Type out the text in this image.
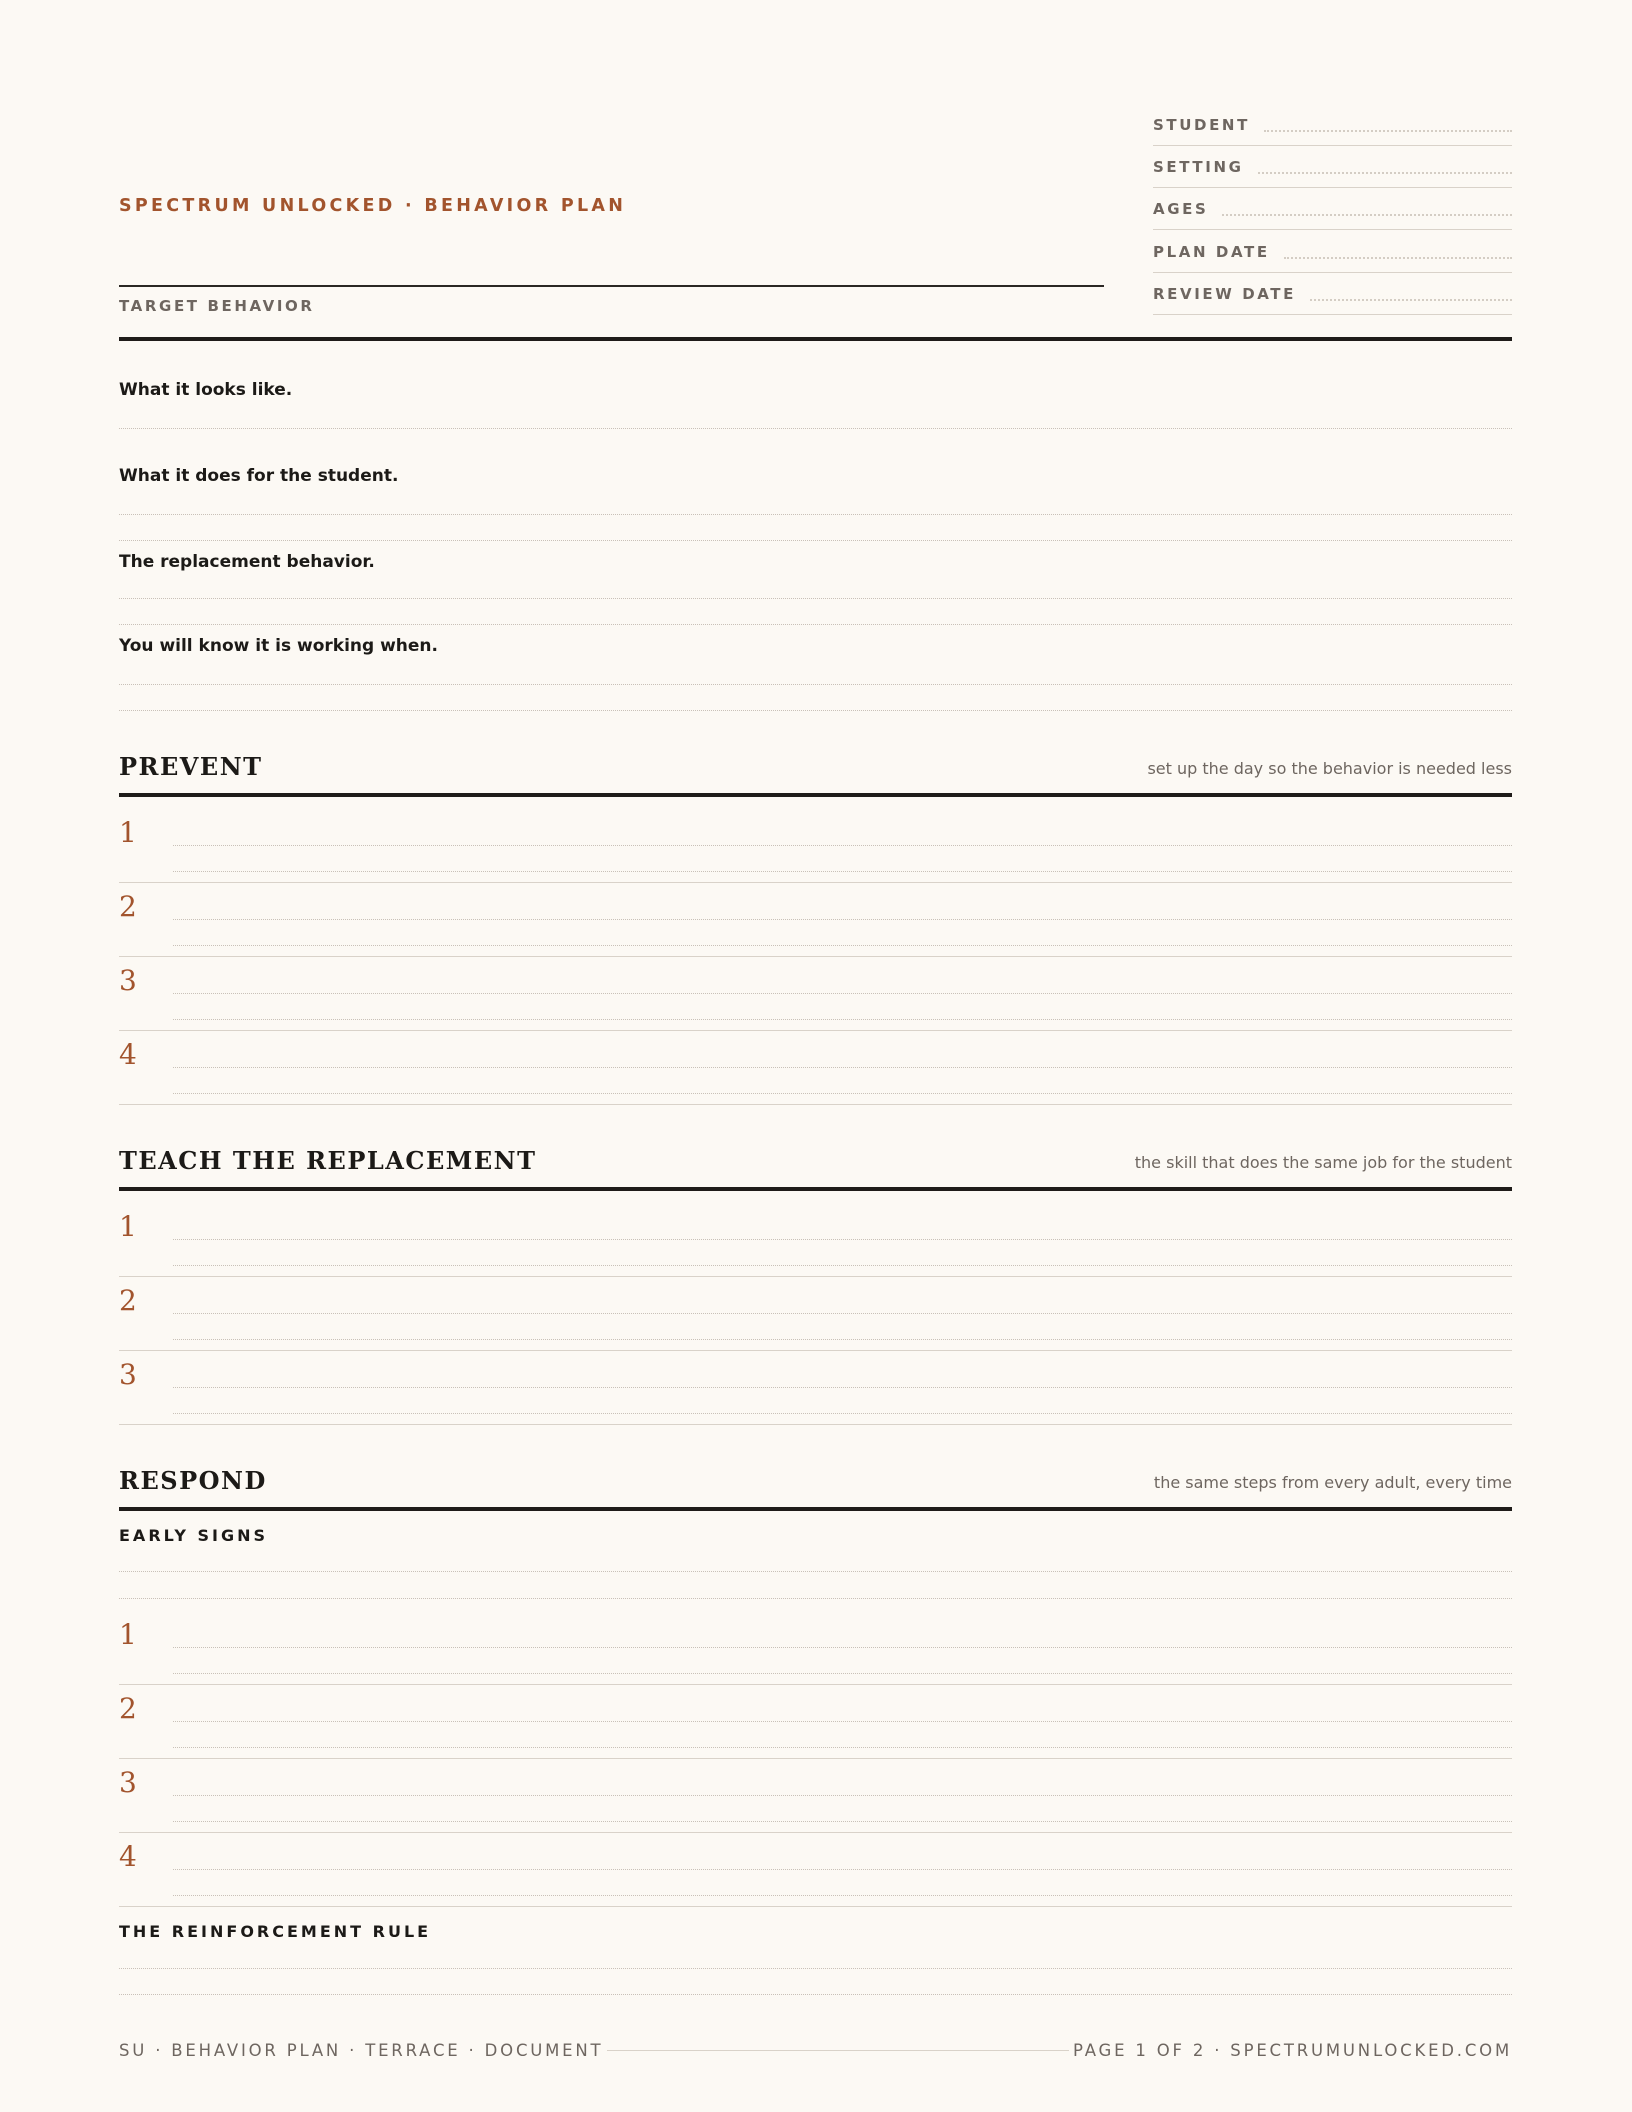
SPECTRUM UNLOCKED · BEHAVIOR PLAN
TARGET BEHAVIOR
STUDENT
SETTING
AGES
PLAN DATE
REVIEW DATE
What it looks like.
What it does for the student.
The replacement behavior.
You will know it is working when.
PREVENT	set up the day so the behavior is needed less
1
2
3
4
TEACH THE REPLACEMENT	the skill that does the same job for the student
1
2
3
RESPOND	the same steps from every adult, every time
EARLY SIGNS
1
2
3
4
THE REINFORCEMENT RULE
SU · BEHAVIOR PLAN · TERRACE · DOCUMENT	PAGE 1 OF 2 · SPECTRUMUNLOCKED.COM
